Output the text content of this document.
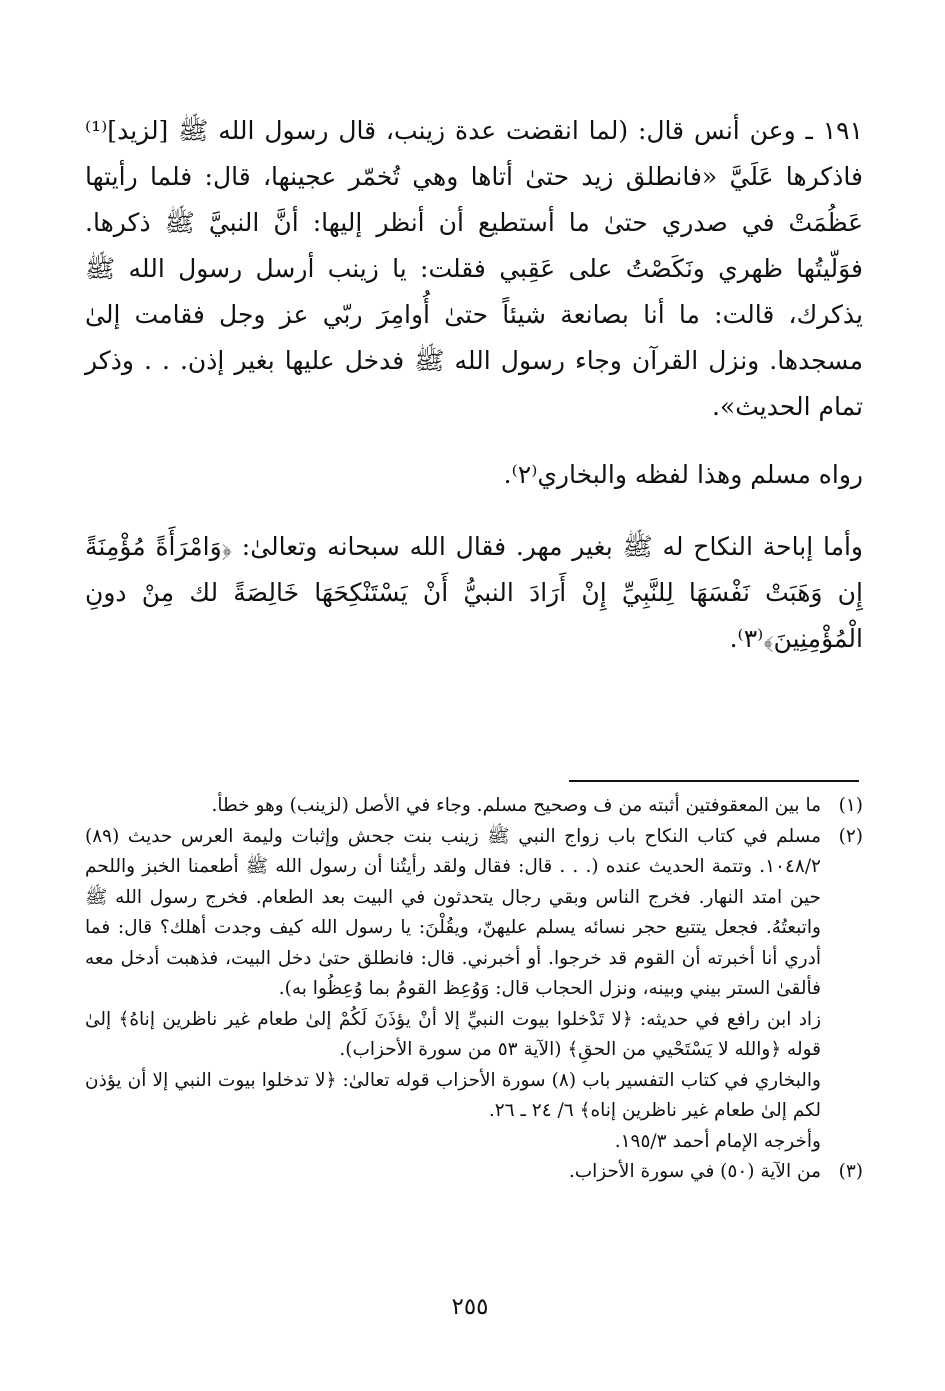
١٩١ ـ وعن أنس قال: (لما انقضت عدة زينب، قال رسول الله ﷺ [لزيد]⁽¹⁾ فاذكرها عَلَيَّ «فانطلق زيد حتىٰ أتاها وهي تُخمّر عجينها، قال: فلما رأيتها عَظُمَتْ في صدري حتىٰ ما أستطيع أن أنظر إليها: أنَّ النبيَّ ﷺ ذكرها. فوَلّيتُها ظهري ونَكَصْتُ على عَقِبي فقلت: يا زينب أرسل رسول الله ﷺ يذكرك، قالت: ما أنا بصانعة شيئاً حتىٰ أُوامِرَ ربّي عز وجل فقامت إلىٰ مسجدها. ونزل القرآن وجاء رسول الله ﷺ فدخل عليها بغير إذن. . . وذكر تمام الحديث».

رواه مسلم وهذا لفظه والبخاري⁽٢⁾.

وأما إباحة النكاح له ﷺ بغير مهر. فقال الله سبحانه وتعالىٰ: ﴿وَامْرَأَةً مُؤْمِنَةً إِن وَهَبَتْ نَفْسَهَا لِلنَّبِيِّ إِنْ أَرَادَ النبيُّ أَنْ يَسْتَنْكِحَهَا خَالِصَةً لك مِنْ دونِ الْمُؤْمِنِينَ﴾⁽٣⁾.

(١)
ما بين المعقوفتين أثبته من ف وصحيح مسلم. وجاء في الأصل (لزينب) وهو خطأ.
(٢)
مسلم في كتاب النكاح باب زواج النبي ﷺ زينب بنت جحش وإثبات وليمة العرس حديث (٨٩) ١٠٤٨/٢. وتتمة الحديث عنده (. . . قال: فقال ولقد رأيتُنا أن رسول الله ﷺ أطعمنا الخبز واللحم حين امتد النهار. فخرج الناس وبقي رجال يتحدثون في البيت بعد الطعام. فخرج رسول الله ﷺ واتبعتُهُ. فجعل يتتبع حجر نسائه يسلم عليهنّ، ويقُلْنَ: يا رسول الله كيف وجدت أهلك؟ قال: فما أدري أنا أخبرته أن القوم قد خرجوا. أو أخبرني. قال: فانطلق حتىٰ دخل البيت، فذهبت أدخل معه فألقىٰ الستر بيني وبينه، ونزل الحجاب قال: وَوُعِظ القومُ بما وُعِظُوا به).
زاد ابن رافع في حديثه: ﴿لا تَدْخلوا بيوت النبيِّ إلا أنْ يؤذَنَ لَكُمْ إلىٰ طعام غير ناظرين إناهُ﴾ إلىٰ قوله ﴿والله لا يَسْتَحْيي من الحقِ﴾ (الآية ٥٣ من سورة الأحزاب).
والبخاري في كتاب التفسير باب (٨) سورة الأحزاب قوله تعالىٰ: ﴿لا تدخلوا بيوت النبي إلا أن يؤذن لكم إلىٰ طعام غير ناظرين إناه﴾ ٦/ ٢٤ ـ ٢٦.
وأخرجه الإمام أحمد ١٩٥/٣.
(٣)
من الآية (٥٠) في سورة الأحزاب.
٢٥٥
